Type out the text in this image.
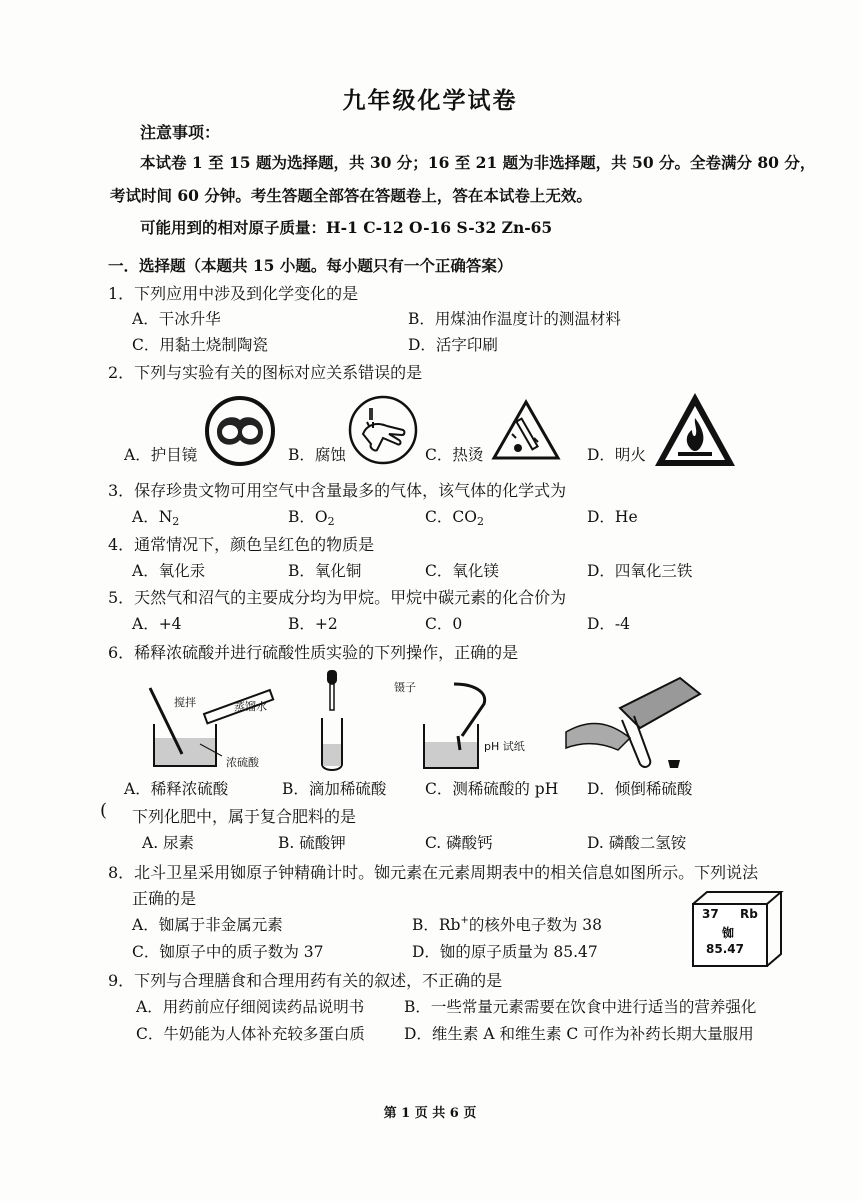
九年级化学试卷
注意事项：
本试卷 1 至 15 题为选择题，共 30 分；16 至 21 题为非选择题，共 50 分。全卷满分 80 分，
考试时间 60 分钟。考生答题全部答在答题卷上，答在本试卷上无效。
可能用到的相对原子质量：H-1 C-12 O-16 S-32 Zn-65
一．选择题（本题共 15 小题。每小题只有一个正确答案）
1．下列应用中涉及到化学变化的是
A．干冰升华	B．用煤油作温度计的测温材料
C．用黏土烧制陶瓷	D．活字印刷
2．下列与实验有关的图标对应关系错误的是
A．护目镜	B．腐蚀	C．热烫	D．明火
3．保存珍贵文物可用空气中含量最多的气体，该气体的化学式为
A．$N_2$	B．$O_2$	C．$CO_2$	D．He
4．通常情况下，颜色呈红色的物质是
A．氧化汞	B．氧化铜	C．氧化镁	D．四氧化三铁
5．天然气和沼气的主要成分均为甲烷。甲烷中碳元素的化合价为
A．+4	B．+2	C．0	D．-4
6．稀释浓硫酸并进行硫酸性质实验的下列操作，正确的是
搅拌	蒸馏水
浓硫酸
镊子
pH 试纸
A．稀释浓硫酸	B．滴加稀硫酸 C．测稀硫酸的 pH D．倾倒稀硫酸
( 下列化肥中，属于复合肥料的是
A. 尿素	B. 硫酸钾	C. 磷酸钙	D. 磷酸二氢铵
8．北斗卫星采用铷原子钟精确计时。铷元素在元素周期表中的相关信息如图所示。下列说法
正确的是
A．铷属于非金属元素	B．Rb+的核外电子数为 38
C．铷原子中的质子数为 37	D．铷的原子质量为 85.47
37 Rb
铷
85.47
9．下列与合理膳食和合理用药有关的叙述，不正确的是
A．用药前应仔细阅读药品说明书	B．一些常量元素需要在饮食中进行适当的营养强化
C．牛奶能为人体补充较多蛋白质	D．维生素 A 和维生素 C 可作为补药长期大量服用
第 1 页 共 6 页
